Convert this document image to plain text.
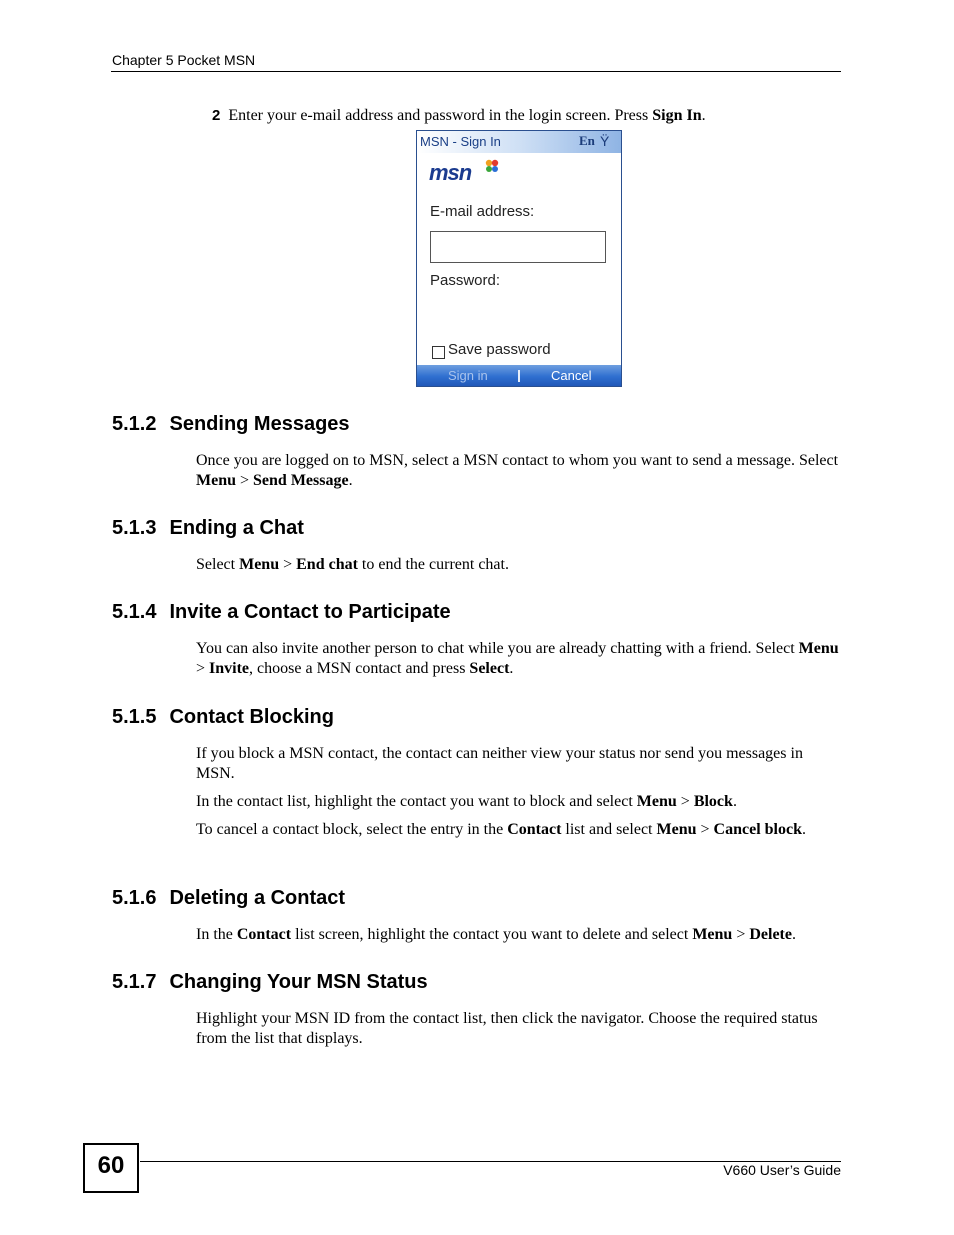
Chapter 5 Pocket MSN
2 Enter your e-mail address and password in the login screen. Press Sign In.
MSN - Sign In	En Ÿ
msn
E-mail address:
Password:
Save password
Sign in	Cancel
5.1.2 Sending Messages

Once you are logged on to MSN, select a MSN contact to whom you want to send a message. Select Menu > Send Message.

5.1.3 Ending a Chat

Select Menu > End chat to end the current chat.

5.1.4 Invite a Contact to Participate

You can also invite another person to chat while you are already chatting with a friend. Select Menu > Invite, choose a MSN contact and press Select.

5.1.5 Contact Blocking

If you block a MSN contact, the contact can neither view your status nor send you messages in MSN.

In the contact list, highlight the contact you want to block and select Menu > Block.

To cancel a contact block, select the entry in the Contact list and select Menu > Cancel block.

5.1.6 Deleting a Contact

In the Contact list screen, highlight the contact you want to delete and select Menu > Delete.

5.1.7 Changing Your MSN Status

Highlight your MSN ID from the contact list, then click the navigator. Choose the required status from the list that displays.

60	V660 User’s Guide
